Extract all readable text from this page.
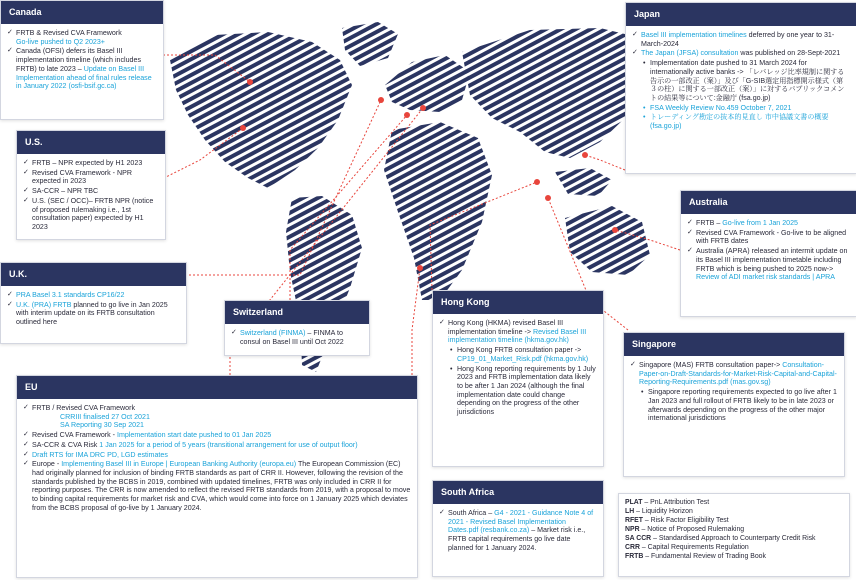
Canada
✓ FRTB & Revised CVA Framework
Go-live pushed to Q2 2023+
✓ Canada (OFSI) defers its Basel III implementation timeline (which includes FRTB) to late 2023 – Update on Basel III Implementation ahead of final rules release in January 2022 (osfi-bsif.gc.ca)
U.S.
✓ FRTB – NPR expected by H1 2023
✓ Revised CVA Framework - NPR expected in 2023
✓ SA-CCR – NPR TBC
✓ U.S. (SEC / OCC)– FRTB NPR (notice of proposed rulemaking i.e., 1st consultation paper) expected by H1 2023
U.K.
✓ PRA Basel 3.1 standards CP16/22
✓ U.K. (PRA) FRTB planned to go live in Jan 2025 with interim update on its FRTB consultation outlined here
Switzerland
✓ Switzerland (FINMA) – FINMA to consul on Basel III until Oct 2022
EU
✓ FRTB / Revised CVA Framework
CRRIII finalised 27 Oct 2021
SA Reporting 30 Sep 2021
✓ Revised CVA Framework - Implementation start date pushed to 01 Jan 2025
✓ SA-CCR & CVA Risk 1 Jan 2025 for a period of 5 years (transitional arrangement for use of output floor)
✓ Draft RTS for IMA DRC PD, LGD estimates
✓ Europe - Implementing Basel III in Europe | European Banking Authority (europa.eu) The European Commission (EC) had originally planned for inclusion of binding FRTB standards as part of CRR II. However, following the revision of the standards published by the BCBS in 2019, combined with updated timelines, FRTB was only included in CRR II for reporting purposes. The CRR is now amended to reflect the revised FRTB standards from 2019, with a proposal to move to binding capital requirements for market risk and CVA, which would come into force on 1 January 2025 which deviates from the BCBS proposal of go-live by 1 January 2024.
Hong Kong
✓ Hong Kong (HKMA) revised Basel III implementation timeline -> Revised Basel III implementation timeline (hkma.gov.hk)
• Hong Kong FRTB consultation paper -> CP19_01_Market_Risk.pdf (hkma.gov.hk)
• Hong Kong reporting requirements by 1 July 2023 and FRTB implementation data likely to be after 1 Jan 2024 (although the final implementation date could change depending on the progress of the other jurisdictions
South Africa
✓ South Africa – G4 - 2021 - Guidance Note 4 of 2021 - Revised Basel Implementation Dates.pdf (resbank.co.za) – Market risk i.e., FRTB capital requirements go live date planned for 1 January 2024.
Japan
✓ Basel III implementation timelines deferred by one year to 31-March-2024
✓ The Japan (JFSA) consultation was published on 28-Sept-2021
• Implementation date pushed to 31 March 2024 for internationally active banks -> 「レバレッジ比率規制に関する告示の一部改正（案）」及び「G-SIB選定用指標開示様式（第３の柱）に関する一部改正（案）」に対するパブリックコメントの結果等について:金融庁 (fsa.go.jp)
• FSA Weekly Review No.459 October 7, 2021
• トレーディング勘定の抜本的見直し 市中協議文書の概要 (fsa.go.jp)
Australia
✓ FRTB – Go-live from 1 Jan 2025
✓ Revised CVA Framework - Go-live to be aligned with FRTB dates
✓ Australia (APRA) released an intermit update on its Basel III implementation timetable including FRTB which is being pushed to 2025 now-> Review of ADI market risk standards | APRA
Singapore
✓ Singapore (MAS) FRTB consultation paper-> Consultation-Paper-on-Draft-Standards-for-Market-Risk-Capital-and-Capital-Reporting-Requirements.pdf (mas.gov.sg)
• Singapore reporting requirements expected to go live after 1 Jan 2023 and full rollout of FRTB likely to be in late 2023 or afterwards depending on the progress of the other major international jurisdictions
PLAT – PnL Attribution Test
LH – Liquidity Horizon
RFET – Risk Factor Eligibility Test
NPR – Notice of Proposed Rulemaking
SA CCR – Standardised Approach to Counterparty Credit Risk
CRR – Capital Requirements Regulation
FRTB – Fundamental Review of Trading Book
